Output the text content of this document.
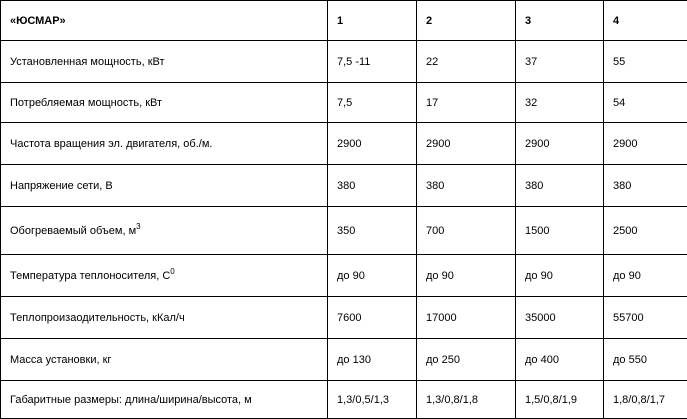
«ЮСМАР»	1	2	3	4
Установленная мощность, кВт	7,5 -11	22	37	55
Потребляемая мощность, кВт	7,5	17	32	54
Частота вращения эл. двигателя, об./м.	2900	2900	2900	2900
Напряжение сети, В	380	380	380	380
Обогреваемый объем, $м^3$	350	700	1500	2500
Температура теплоносителя, $С^0$	до 90	до 90	до 90	до 90
Теплопроизаодительность, кКал/ч	7600	17000	35000	55700
Масса установки, кг	до 130	до 250	до 400	до 550
Габаритные размеры: длина/ширина/высота, м	1,3/0,5/1,3	1,3/0,8/1,8	1,5/0,8/1,9	1,8/0,8/1,7
